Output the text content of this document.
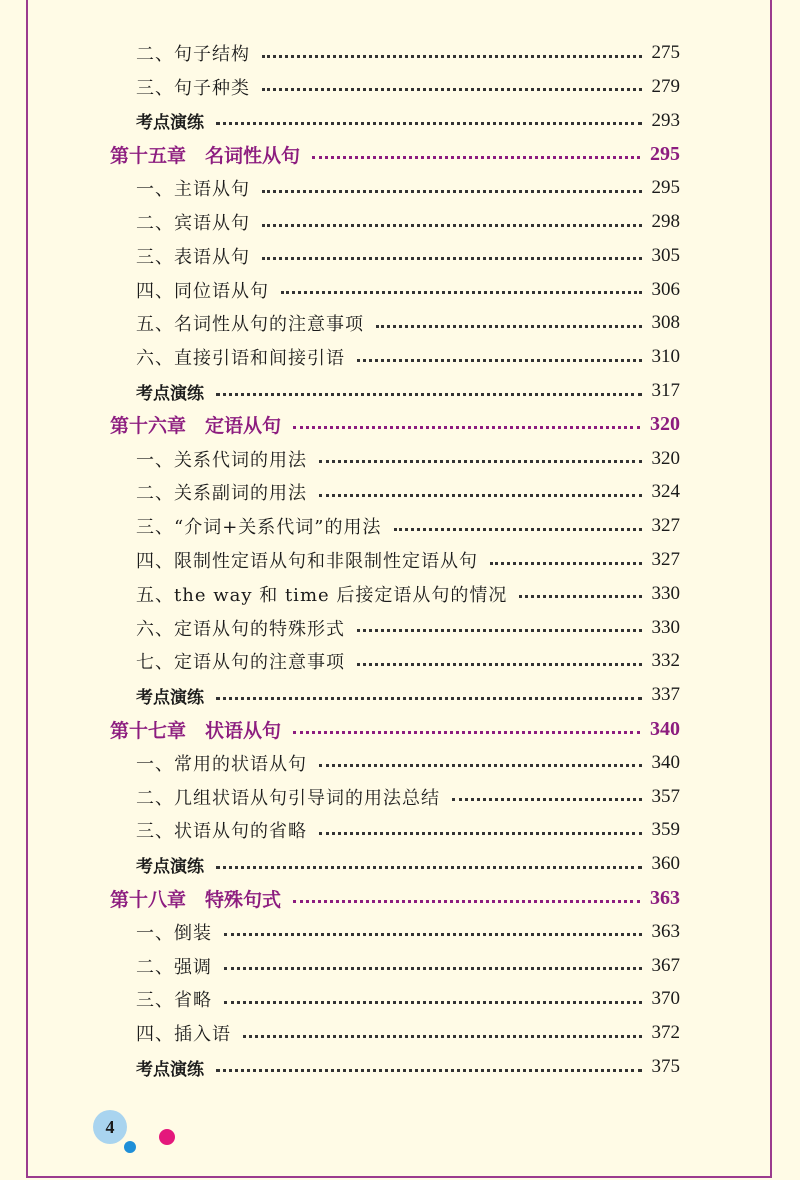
二、句子结构	275
三、句子种类	279
考点演练	293
第十五章　名词性从句	295
一、主语从句	295
二、宾语从句	298
三、表语从句	305
四、同位语从句	306
五、名词性从句的注意事项	308
六、直接引语和间接引语	310
考点演练	317
第十六章　定语从句	320
一、关系代词的用法	320
二、关系副词的用法	324
三、“介词+关系代词”的用法	327
四、限制性定语从句和非限制性定语从句	327
五、the way 和 time 后接定语从句的情况	330
六、定语从句的特殊形式	330
七、定语从句的注意事项	332
考点演练	337
第十七章　状语从句	340
一、常用的状语从句	340
二、几组状语从句引导词的用法总结	357
三、状语从句的省略	359
考点演练	360
第十八章　特殊句式	363
一、倒装	363
二、强调	367
三、省略	370
四、插入语	372
考点演练	375
4
